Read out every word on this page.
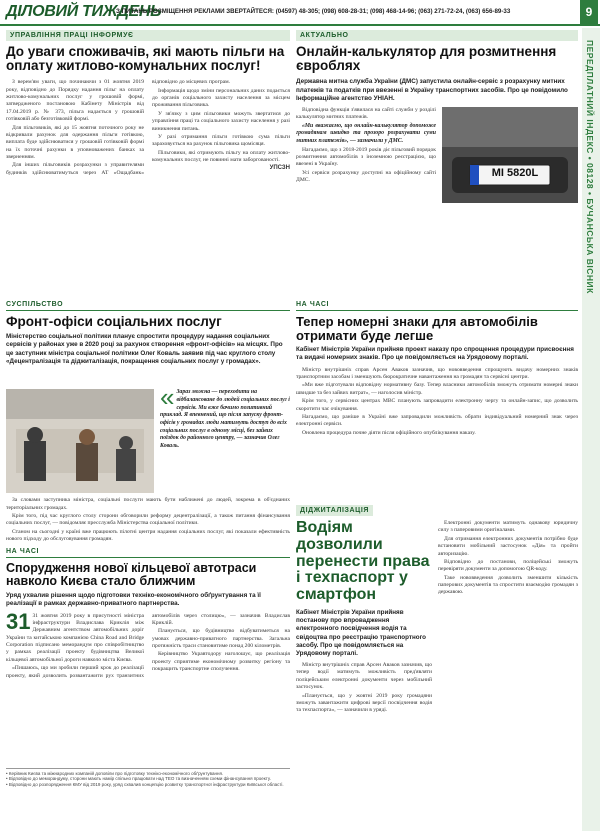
ДІЛОВИЙ ТИЖДЕНЬ
З ПИТАНЬ РОЗМІЩЕННЯ РЕКЛАМИ ЗВЕРТАЙТЕСЯ: (04597) 48-305; (098) 608-28-31; (098) 468-14-96; (063) 271-72-24, (063) 656-89-33	9
ПЕРЕДПЛАТНИЙ ІНДЕКС • 08128 • БУЧАНСЬКА ВІСНИК
УПРАВЛІННЯ ПРАЦІ ІНФОРМУЄ
До уваги споживачів, які мають пільги на оплату житлово-комунальних послуг!

З верем'ям уваги, що починаючи з 01 жовтня 2019 року, відповідно до Порядку надання пільг на оплату житлово-комунальних послуг у грошовій формі, затвердженого постановою Кабінету Міністрів від 17.04.2019 р. № 373, пільга надається у грошовій готівковій або безготівковій формі.

Для пільговиків, які до 15 жовтня поточного року не відкривали рахунок для одержання пільги готівкою, виплата буде здійснюватися у грошовій готівковій формі на їх поточні рахунки в уповноважених банках за зверненням.

Для інших пільговиків розрахунки з управителями будинків здійснюватимуться через АТ «Ощадбанк» відповідно до місцевих програм.

Інформація щодо зміни персональних даних подається до органів соціального захисту населення за місцем проживання пільговика.

У зв'язку з цим пільговики можуть звертатися до управління праці та соціального захисту населення у разі виникнення питань.

У разі отримання пільги готівкою сума пільги зараховується на рахунок пільговика щомісяця.

Пільговики, які отримують пільгу на оплату житлово-комунальних послуг, не повинні мати заборгованості.

УПСЗН
АКТУАЛЬНО
Онлайн-калькулятор для розмитнення євроблях
Державна митна служба України (ДМС) запустила онлайн-сервіс з розрахунку митних платежів та податків при ввезенні в Україну транспортних засобів. Про це повідомило Інформаційне агентство УНІАН.

Відповідна функція з'явилася на сайті служби у розділі калькулятор митних платежів.

«Ми вважаємо, що онлайн-калькулятор допоможе громадянам швидко та прозоро розрахувати суми митних платежів», — зазначили у ДМС.

Нагадаємо, що з 2018-2019 років діє пільговий порядок розмитнення автомобілів з іноземною реєстрацією, що ввезені в Україну.

Усі сервіси розрахунку доступні на офіційному сайті ДМС.

MI 5820L
СУСПІЛЬСТВО
Фронт-офіси соціальних послуг
Міністерство соціальної політики планує спростити процедуру надання соціальних сервісів у районах уже в 2020 році за рахунок створення «фронт-офісів» на місцях. Про це заступник міністра соціальної політики Олег Коваль заявив під час круглого столу «Децентралізація та діджиталізація, покращення соціальних послуг у громадах».
« Зараз можна — переходити на відбалансоване до людей соціальних послуг і сервісів. Ми вже бачимо позитивний приклад. Я впевнений, що після запуску фронт-офісів у громадах люди матимуть доступ до всіх соціальних послуг в одному місці, без зайвих поїздок до районного центру, — зазначив Олег Коваль.

За словами заступника міністра, соціальні послуги мають бути наближені до людей, зокрема в об'єднаних територіальних громадах.

Крім того, під час круглого столу сторони обговорили реформу децентралізації, а також питання фінансування соціальних послуг, — повідомляє пресслужба Міністерства соціальної політики.

Станом на сьогодні у країні вже працюють пілотні центри надання соціальних послуг, які показали ефективність нового підходу до обслуговування громадян.

НА ЧАСІ
Спорудження нової кільцевої автотраси навколо Києва стало ближчим
Уряд ухвалив рішення щодо підготовки техніко-економічного обґрунтування та її реалізації в рамках державно-приватного партнерства.

31 31 жовтня 2019 року в присутності міністра інфраструктури Владислава Криклія між Державним агентством автомобільних доріг України та китайською компанією China Road and Bridge Corporation підписано меморандум про співробітництво у рамках реалізації проекту будівництва Великої кільцевої автомобільної дороги навколо міста Києва.

«Пишаюсь, що ми зробили перший крок до реалізації проекту, який дозволить розвантажити рух транзитних автомобілів через столицю», — зазначив Владислав Криклій.

Планується, що будівництво відбуватиметься на умовах державно-приватного партнерства. Загальна протяжність траси становитиме понад 200 кілометрів.

Керівництво Укравтодору наголошує, що реалізація проекту сприятиме економічному розвитку регіону та покращить транспортне сполучення.

• Керівник Києва та міжнародних компаній доповіли про підготовку техніко-економічного обґрунтування.
• Відповідно до меморандуму, сторони мають намір спільно працювати над ТЕО та визначенням схеми фінансування проекту.
• Відповідно до розпорядження КМУ від 2019 року, уряд схвалив концепцію розвитку транспортної інфраструктури Київської області.
НА ЧАСІ
Тепер номерні знаки для автомобілів отримати буде легше
Кабінет Міністрів України прийняв проект наказу про спрощення процедури присвоєння та видачі номерних знаків. Про це повідомляється на Урядовому порталі.

Міністр внутрішніх справ Арсен Аваков зазначив, що нововведення спрощують видачу номерних знаків транспортним засобам і зменшують бюрократичне навантаження на громадян та сервісні центри.

«Ми вже підготували відповідну нормативну базу. Тепер власники автомобілів зможуть отримати номерні знаки швидше та без зайвих витрат», — наголосив міністр.

Крім того, у сервісних центрах МВС планують запровадити електронну чергу та онлайн-запис, що дозволить скоротити час очікування.

Нагадаємо, що раніше в Україні вже запровадили можливість обрати індивідуальний номерний знак через електронні сервіси.

Оновлена процедура почне діяти після офіційного опублікування наказу.

ДІДЖИТАЛІЗАЦІЯ
Водіям дозволили перенести права і техпаспорт у смартфон
Кабінет Міністрів України прийняв постанову про впровадження електронного посвідчення водія та свідоцтва про реєстрацію транспортного засобу. Про це повідомляється на Урядовому порталі.

Міністр внутрішніх справ Арсен Аваков зазначив, що тепер водії матимуть можливість пред'являти поліцейським електронні документи через мобільний застосунок.

«Планується, що у жовтні 2019 року громадяни зможуть завантажити цифрові версії посвідчення водія та техпаспорта», — зазначили в уряді.

Електронні документи матимуть однакову юридичну силу з паперовими оригіналами.

Для отримання електронних документів потрібно буде встановити мобільний застосунок «Дія» та пройти авторизацію.

Відповідно до постанови, поліцейські зможуть перевіряти документи за допомогою QR-коду.

Таке нововведення дозволить зменшити кількість паперових документів та спростити взаємодію громадян з державою.
